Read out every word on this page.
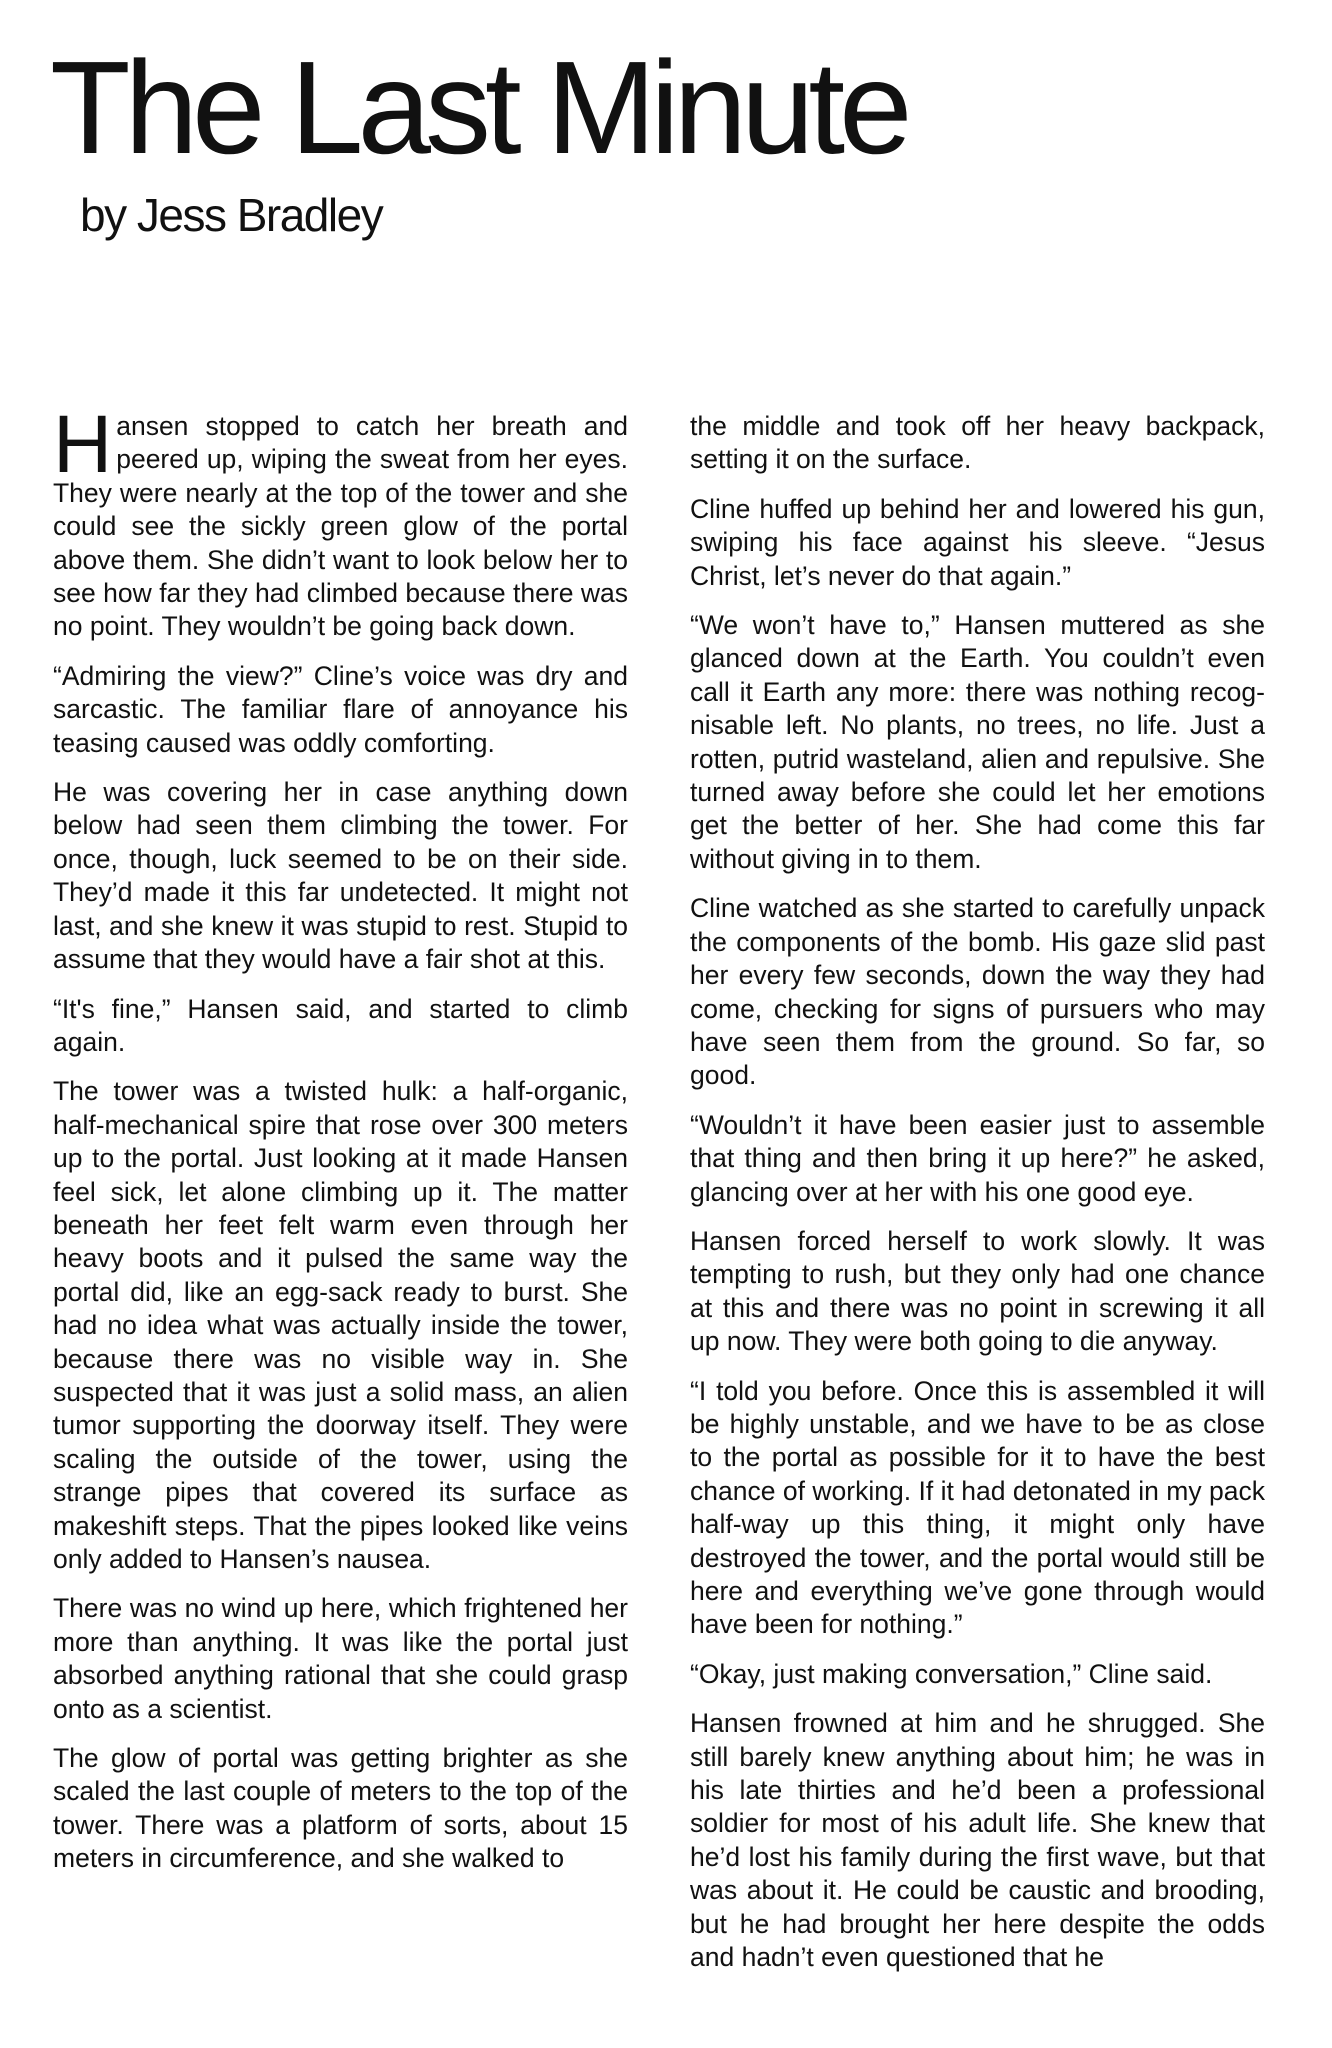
The Last Minute
by Jess Bradley

Hansen stopped to catch her breath and peered up, wiping the sweat from her eyes. They were nearly at the top of the tower and she could see the sickly green glow of the portal above them. She didn’t want to look below her to see how far they had climbed because there was no point. They wouldn’t be going back down.

“Admiring the view?” Cline’s voice was dry and sarcastic. The familiar flare of annoyance his teasing caused was oddly comforting.

He was covering her in case anything down below had seen them climbing the tower. For once, though, luck seemed to be on their side. They’d made it this far undetected. It might not last, and she knew it was stupid to rest. Stupid to assume that they would have a fair shot at this.

“It's fine,” Hansen said, and started to climb again.

The tower was a twisted hulk: a half-organic, half-mechanical spire that rose over 300 meters up to the portal. Just looking at it made Hansen feel sick, let alone climbing up it. The matter beneath her feet felt warm even through her heavy boots and it pulsed the same way the portal did, like an egg-sack ready to burst. She had no idea what was actually inside the tower, because there was no visible way in. She suspected that it was just a solid mass, an alien tumor supporting the doorway itself. They were scaling the outside of the tower, using the strange pipes that covered its surface as makeshift steps. That the pipes looked like veins only added to Hansen’s nausea.

There was no wind up here, which frightened her more than anything. It was like the portal just absorbed anything rational that she could grasp onto as a scientist.

The glow of portal was getting brighter as she scaled the last couple of meters to the top of the tower. There was a platform of sorts, about 15 meters in circumference, and she walked to

the middle and took off her heavy backpack, setting it on the surface.

Cline huffed up behind her and lowered his gun, swiping his face against his sleeve. “Jesus Christ, let’s never do that again.”

“We won’t have to,” Hansen muttered as she glanced down at the Earth. You couldn’t even call it Earth any more: there was nothing recognisable left. No plants, no trees, no life. Just a rotten, putrid wasteland, alien and repulsive. She turned away before she could let her emotions get the better of her. She had come this far without giving in to them.

Cline watched as she started to carefully unpack the components of the bomb. His gaze slid past her every few seconds, down the way they had come, checking for signs of pursuers who may have seen them from the ground. So far, so good.

“Wouldn’t it have been easier just to assemble that thing and then bring it up here?” he asked, glancing over at her with his one good eye.

Hansen forced herself to work slowly. It was tempting to rush, but they only had one chance at this and there was no point in screwing it all up now. They were both going to die anyway.

“I told you before. Once this is assembled it will be highly unstable, and we have to be as close to the portal as possible for it to have the best chance of working. If it had detonated in my pack half-way up this thing, it might only have destroyed the tower, and the portal would still be here and everything we’ve gone through would have been for nothing.”

“Okay, just making conversation,” Cline said.

Hansen frowned at him and he shrugged. She still barely knew anything about him; he was in his late thirties and he’d been a professional soldier for most of his adult life. She knew that he’d lost his family during the first wave, but that was about it. He could be caustic and brooding, but he had brought her here despite the odds and hadn’t even questioned that he
